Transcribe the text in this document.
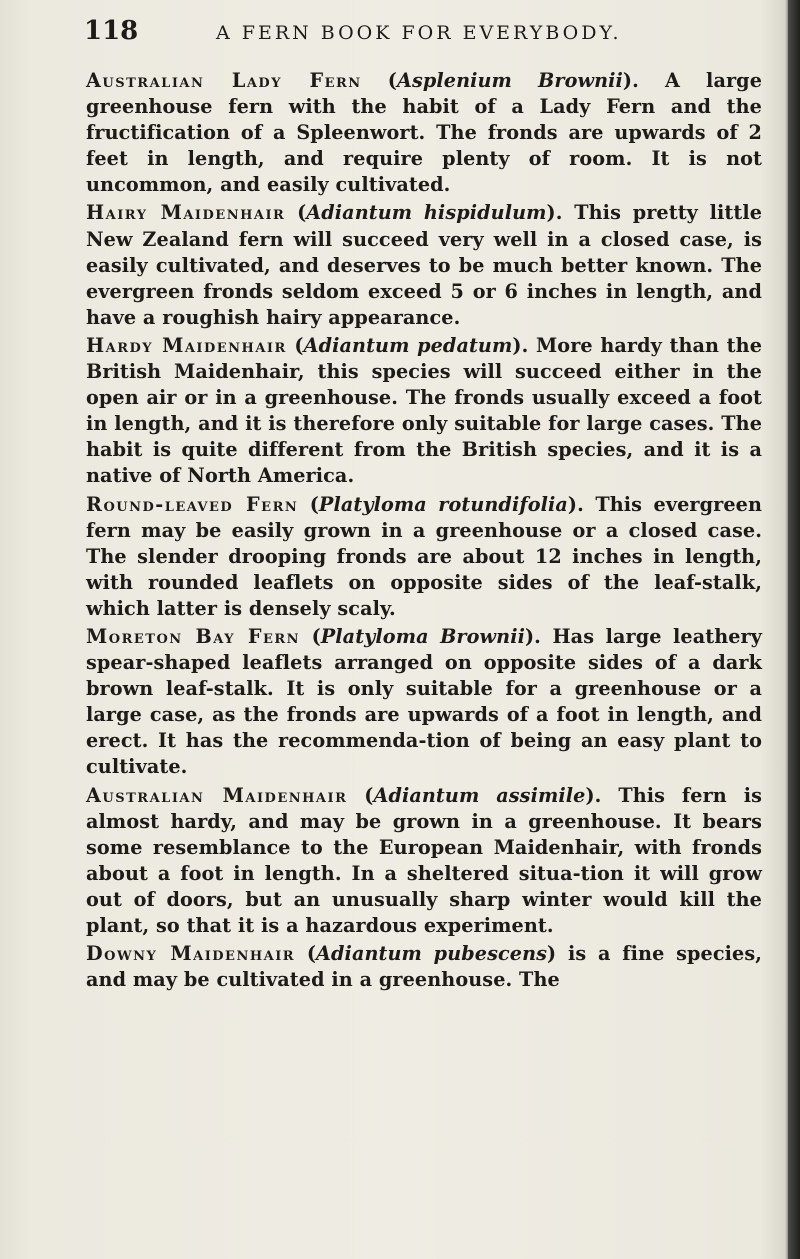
118	A FERN BOOK FOR EVERYBODY.

Australian Lady Fern (Asplenium Brownii). A large greenhouse fern with the habit of a Lady Fern and the fructification of a Spleenwort. The fronds are upwards of 2 feet in length, and require plenty of room. It is not uncommon, and easily cultivated.

Hairy Maidenhair (Adiantum hispidulum). This pretty little New Zealand fern will succeed very well in a closed case, is easily cultivated, and deserves to be much better known. The evergreen fronds seldom exceed 5 or 6 inches in length, and have a roughish hairy appearance.

Hardy Maidenhair (Adiantum pedatum). More hardy than the British Maidenhair, this species will succeed either in the open air or in a greenhouse. The fronds usually exceed a foot in length, and it is therefore only suitable for large cases. The habit is quite different from the British species, and it is a native of North America.

Round-leaved Fern (Platyloma rotundifolia). This evergreen fern may be easily grown in a greenhouse or a closed case. The slender drooping fronds are about 12 inches in length, with rounded leaflets on opposite sides of the leaf-stalk, which latter is densely scaly.

Moreton Bay Fern (Platyloma Brownii). Has large leathery spear-shaped leaflets arranged on opposite sides of a dark brown leaf-stalk. It is only suitable for a greenhouse or a large case, as the fronds are upwards of a foot in length, and erect. It has the recommenda-tion of being an easy plant to cultivate.

Australian Maidenhair (Adiantum assimile). This fern is almost hardy, and may be grown in a greenhouse. It bears some resemblance to the European Maidenhair, with fronds about a foot in length. In a sheltered situa-tion it will grow out of doors, but an unusually sharp winter would kill the plant, so that it is a hazardous experiment.

Downy Maidenhair (Adiantum pubescens) is a fine species, and may be cultivated in a greenhouse. The
